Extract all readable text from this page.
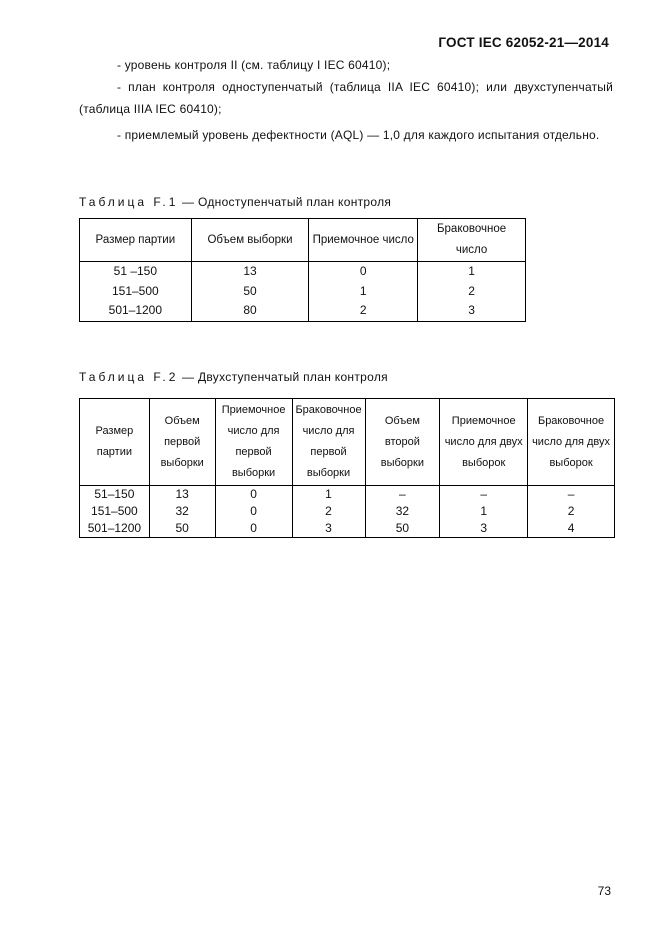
ГОСТ IEC 62052-21—2014

- уровень контроля II (см. таблицу I IEC 60410);

- план контроля одноступенчатый (таблица IIA IEC 60410); или двухступенчатый (таблица IIIA IEC 60410);

- приемлемый уровень дефектности (AQL) — 1,0 для каждого испытания отдельно.

Таблица F.1 — Одноступенчатый план контроля
Размер партии	Объем выборки	Приемочное число	Браковочное число
51 –150	13	0	1
151–500	50	1	2
501–1200	80	2	3
Таблица F.2 — Двухступенчатый план контроля
Размер партии	Объем первой выборки	Приемочное число для первой выборки	Браковочное число для первой выборки	Объем второй выборки	Приемочное число для двух выборок	Браковочное число для двух выборок
51–150	13	0	1	–	–	–
151–500	32	0	2	32	1	2
501–1200	50	0	3	50	3	4
73
